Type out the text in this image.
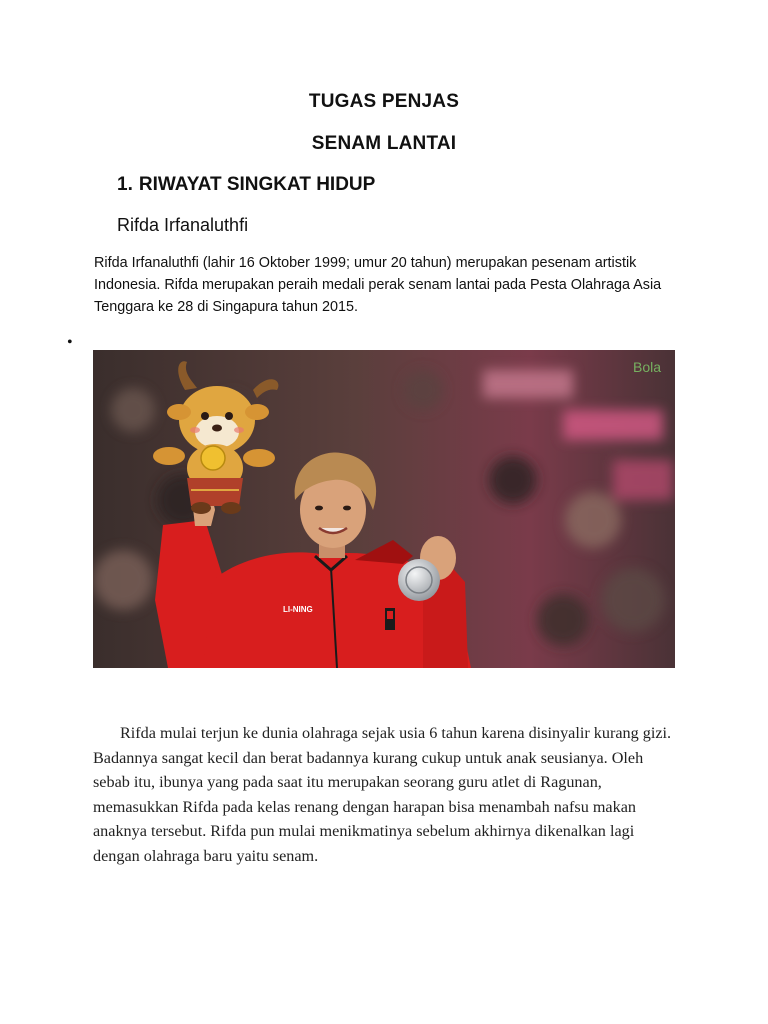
TUGAS PENJAS
SENAM LANTAI
1. RIWAYAT SINGKAT HIDUP
Rifda Irfanaluthfi

Rifda Irfanaluthfi (lahir 16 Oktober 1999; umur 20 tahun) merupakan pesenam artistik Indonesia. Rifda merupakan peraih medali perak senam lantai pada Pesta Olahraga Asia Tenggara ke 28 di Singapura tahun 2015.

•
Bola
LI-NING

Rifda mulai terjun ke dunia olahraga sejak usia 6 tahun karena disinyalir kurang gizi. Badannya sangat kecil dan berat badannya kurang cukup untuk anak seusianya. Oleh sebab itu, ibunya yang pada saat itu merupakan seorang guru atlet di Ragunan, memasukkan Rifda pada kelas renang dengan harapan bisa menambah nafsu makan anaknya tersebut. Rifda pun mulai menikmatinya sebelum akhirnya dikenalkan lagi dengan olahraga baru yaitu senam.
